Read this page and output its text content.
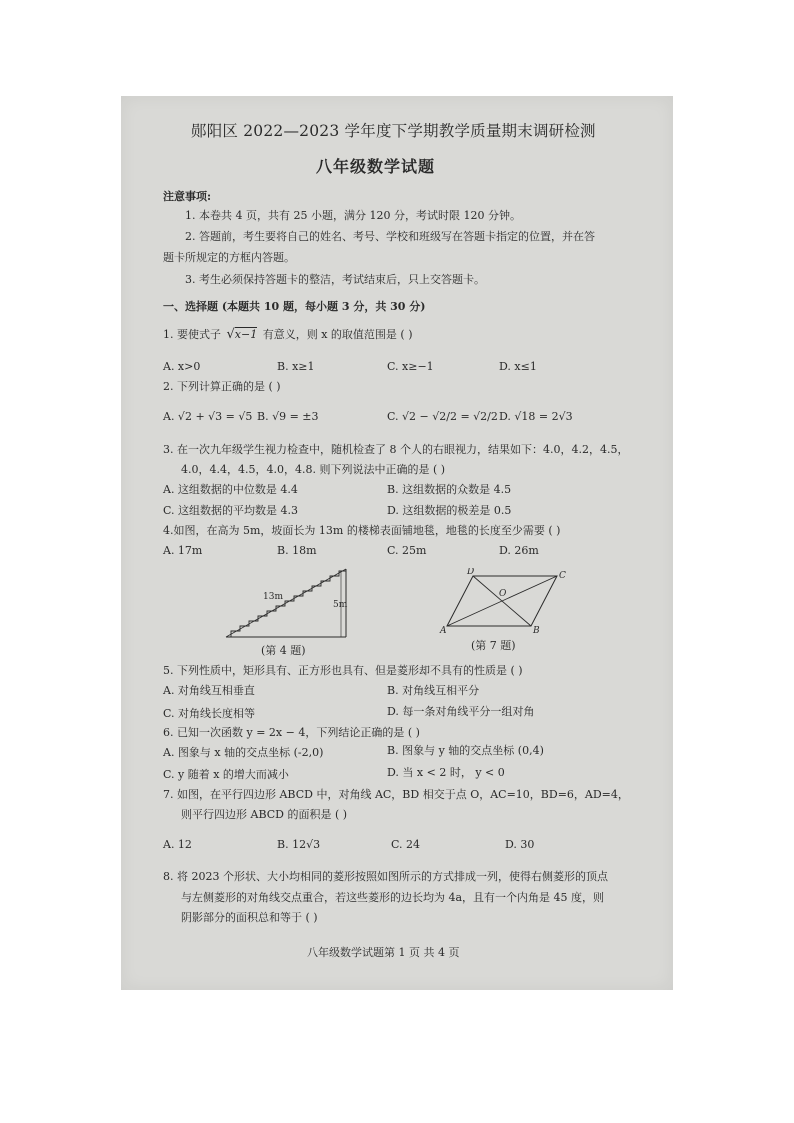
郧阳区 2022—2023 学年度下学期教学质量期末调研检测
八年级数学试题
注意事项:
1. 本卷共 4 页，共有 25 小题，满分 120 分，考试时限 120 分钟。
2. 答题前，考生要将自己的姓名、考号、学校和班级写在答题卡指定的位置，并在答
题卡所规定的方框内答题。
3. 考生必须保持答题卡的整洁，考试结束后，只上交答题卡。
一、选择题 (本题共 10 题，每小题 3 分，共 30 分)
1. 要使式子 √x−1 有意义，则 x 的取值范围是 ( )
A. x>0	B. x≥1	C. x≥−1	D. x≤1
2. 下列计算正确的是 ( )
A. √2 + √3 = √5 B. √9 = ±3	C. √2 − √2/2 = √2/2 D. √18 = 2√3
3. 在一次九年级学生视力检查中，随机检查了 8 个人的右眼视力，结果如下：4.0，4.2，4.5，
4.0，4.4，4.5，4.0，4.8. 则下列说法中正确的是 ( )
A. 这组数据的中位数是 4.4	B. 这组数据的众数是 4.5
C. 这组数据的平均数是 4.3	D. 这组数据的极差是 0.5
4.如图，在高为 5m，坡面长为 13m 的楼梯表面铺地毯，地毯的长度至少需要 ( )
A. 17m	B. 18m	C. 25m	D. 26m
13m
5m
(第 4 题)
D	C
O
A	B
(第 7 题)
5. 下列性质中，矩形具有、正方形也具有、但是菱形却不具有的性质是 ( )
A. 对角线互相垂直	B. 对角线互相平分
C. 对角线长度相等	D. 每一条对角线平分一组对角
6. 已知一次函数 y = 2x − 4，下列结论正确的是 ( )
A. 图象与 x 轴的交点坐标 (-2,0)	B. 图象与 y 轴的交点坐标 (0,4)
C. y 随着 x 的增大而减小	D. 当 x < 2 时， y < 0
7. 如图，在平行四边形 ABCD 中，对角线 AC，BD 相交于点 O，AC=10，BD=6，AD=4，
则平行四边形 ABCD 的面积是 ( )
A. 12	B. 12√3	C. 24	D. 30
8. 将 2023 个形状、大小均相同的菱形按照如图所示的方式排成一列，使得右侧菱形的顶点
与左侧菱形的对角线交点重合，若这些菱形的边长均为 4a，且有一个内角是 45 度，则
阴影部分的面积总和等于 ( )
八年级数学试题第 1 页 共 4 页
